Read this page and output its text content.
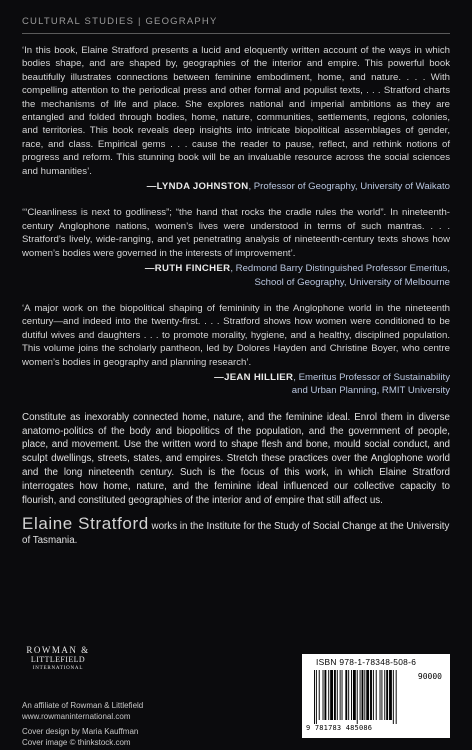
CULTURAL STUDIES | GEOGRAPHY

‘In this book, Elaine Stratford presents a lucid and eloquently written account of the ways in which bodies shape, and are shaped by, geographies of the interior and empire. This powerful book beautifully illustrates connections between feminine embodiment, home, and nature. . . . With compelling attention to the periodical press and other formal and populist texts, . . . Stratford charts the mechanisms of life and place. She explores national and imperial ambitions as they are entangled and folded through bodies, home, nature, communities, settlements, regions, colonies, and territories. This book reveals deep insights into intricate biopolitical assemblages of gender, race, and class. Empirical gems . . . cause the reader to pause, reflect, and rethink notions of progress and reform. This stunning book will be an invaluable resource across the social sciences and humanities’.

—LYNDA JOHNSTON, Professor of Geography, University of Waikato

‘“Cleanliness is next to godliness”; “the hand that rocks the cradle rules the world”. In nineteenth-century Anglophone nations, women’s lives were understood in terms of such mantras. . . . Stratford’s lively, wide-ranging, and yet penetrating analysis of nineteenth-century texts shows how women’s bodies were governed in the interests of improvement’.

—RUTH FINCHER, Redmond Barry Distinguished Professor Emeritus,
School of Geography, University of Melbourne

‘A major work on the biopolitical shaping of femininity in the Anglophone world in the nineteenth century—and indeed into the twenty-first. . . . Stratford shows how women were conditioned to be dutiful wives and daughters . . . to promote morality, hygiene, and a healthy, disciplined population. This volume joins the scholarly pantheon, led by Dolores Hayden and Christine Boyer, who centre women’s bodies in geography and planning research’.

—JEAN HILLIER, Emeritus Professor of Sustainability
and Urban Planning, RMIT University

Constitute as inexorably connected home, nature, and the feminine ideal. Enrol them in diverse anatomo-politics of the body and biopolitics of the population, and the government of people, place, and movement. Use the written word to shape flesh and bone, mould social conduct, and sculpt dwellings, streets, states, and empires. Stretch these practices over the Anglophone world and the long nineteenth century. Such is the focus of this work, in which Elaine Stratford interrogates how home, nature, and the feminine ideal influenced our collective capacity to flourish, and constituted geographies of the interior and of empire that still affect us.

Elaine Stratford works in the Institute for the Study of Social Change at the University of Tasmania.

ROWMAN &
LITTLEFIELD
INTERNATIONAL
An affiliate of Rowman & Littlefield
www.rowmaninternational.com
Cover design by Maria Kauffman
Cover image © thinkstock.com
ISBN 978-1-78348-508-6
90000
9 781783 485086
